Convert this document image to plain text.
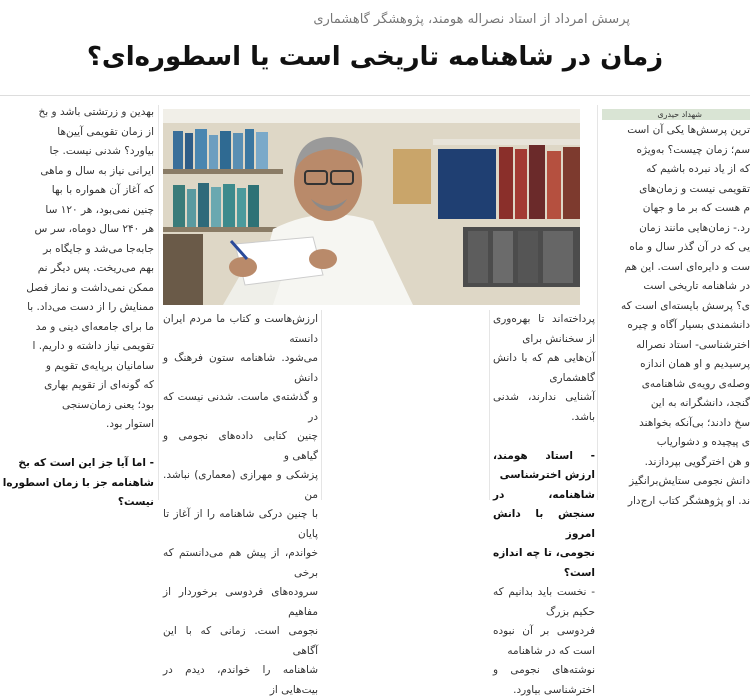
پرسش امرداد از استاد نصراله هومند، پژوهشگر گاهشماری
زمان در شاهنامه تاریخی است یا اسطوره‌ای؟
شهداد حیدری

ترین پرسش‌ها یکی آن است

سم؛ زمان چیست؟ به‌ویژه

که از یاد نبرده باشیم که

تقویمی نیست و زمان‌های

م هست که بر ما و جهان

رد.- زمان‌هایی مانند زمان

یی که در آن گذر سال و ماه

ست و دایره‌ای است. این هم

در شاهنامه تاریخی است

ی؟ پرسش بایسته‌ای است که

دانشمندی بسیار آگاه و چیره

اخترشناسی- استاد نصراله

پرسیدیم و او همان اندازه

وصله‌ی رویه‌ی شاهنامه‌ی

گنجد، دانشگرانه به این

سخ دادند؛ بی‌آنکه بخواهند

ی پیچیده و دشواریاب

و هن اخترگویی بپردازند.

دانش نجومی ستایش‌برانگیز

ند. او پژوهشگر کتاب ارج‌دار

بهدین و زرتشتی باشد و بخ

از زمان تقویمی آیین‌ها

بیاورد؟ شدنی نیست. جا

ایرانی نیاز به سال و ماهی

که آغاز آن همواره با بها

چنین نمی‌بود، هر ۱۲۰ سا

هر ۲۴۰ سال دوماه، سر س

جابه‌جا می‌شد و جایگاه بر

بهم می‌ریخت. پس دیگر نم

ممکن نمی‌داشت و نماز فصل

ممنایش را از دست می‌داد. با

ما برای جامعه‌ای دینی و مد

تقویمی نیاز داشته و داریم. ا

سامانیان برپایه‌ی تقویم و

که گونه‌ای از تقویم بهاری

بود؛ یعنی زمان‌سنجی

استوار بود.

- اما آیا جز این است که بخ

شاهنامه جز با زمان اسطوره‌ا

نیست؟

پرداخته‌اند تا بهره‌وری از سخنانش برای

آن‌هایی هم که با دانش گاهشماری

آشنایی ندارند، شدنی باشد.

- استاد هومند، ارزش اخترشناسی

شاهنامه، در سنجش با دانش امروز

نجومی، تا چه اندازه است؟

- نخست باید بدانیم که حکیم بزرگ

فردوسی بر آن نبوده است که در شاهنامه

نوشته‌های نجومی و اخترشناسی بیاورد.

ارزش‌هاست و کتاب ما مردم ایران دانسته

می‌شود. شاهنامه ستون فرهنگ و دانش

و گذشته‌ی ماست. شدنی نیست که در

چنین کتابی داده‌های نجومی و گیاهی و

پزشکی و مهرازی (معماری) نباشد. من

با چنین درکی شاهنامه را از آغاز تا پایان

خواندم، از پیش هم می‌دانستم که برخی

سروده‌های فردوسی برخوردار از مفاهیم

نجومی است. زمانی که با این آگاهی

شاهنامه را خواندم، دیدم در بیت‌هایی از
